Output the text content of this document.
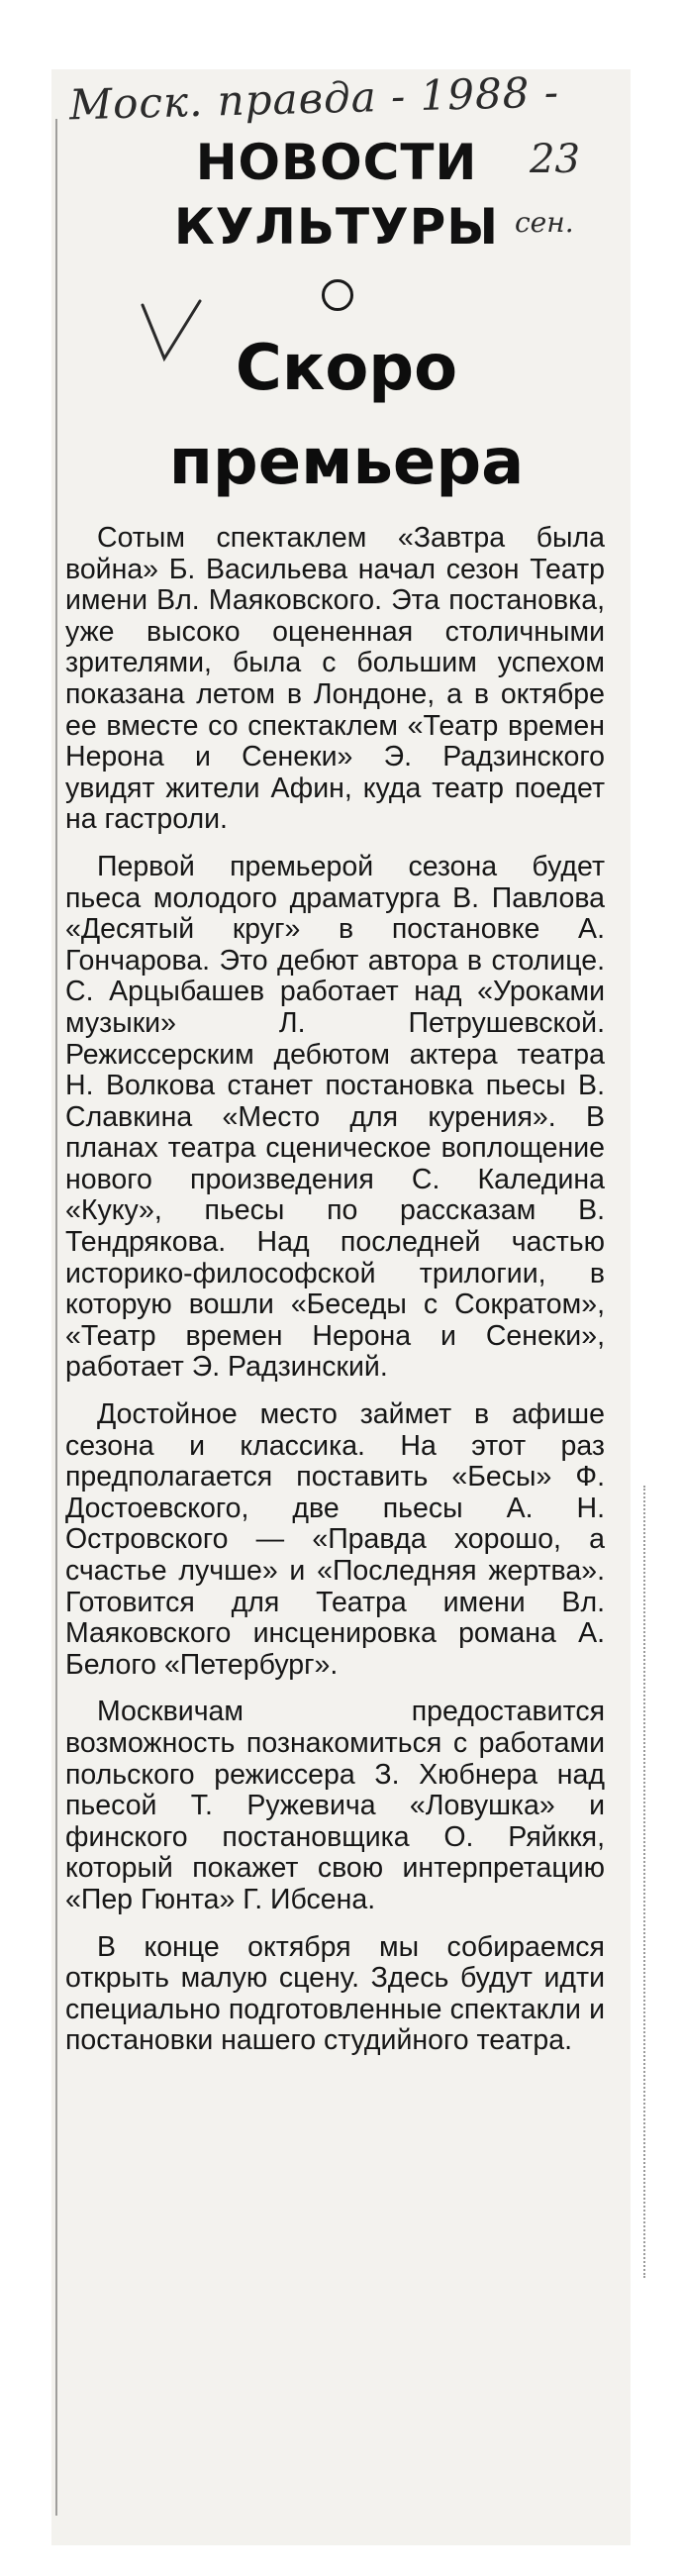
Моск. правда - 1988 -
НОВОСТИ
КУЛЬТУРЫ
23
сен.
Скоро
премьера

Сотым спектаклем «Завтра была война» Б. Васильева начал сезон Театр имени Вл. Маяковского. Эта постановка, уже высоко оцененная столичными зрителями, была с большим успехом показана летом в Лондоне, а в октябре ее вместе со спектаклем «Театр времен Нерона и Сенеки» Э. Радзинского увидят жители Афин, куда театр поедет на гастроли.

Первой премьерой сезона будет пьеса молодого драматурга В. Павлова «Десятый круг» в постановке А. Гончарова. Это дебют автора в столице. С. Арцыбашев работает над «Уроками музыки» Л. Петрушевской. Режиссерским дебютом актера театра Н. Волкова станет постановка пьесы В. Славкина «Место для курения». В планах театра сценическое воплощение нового произведения С. Каледина «Куку», пьесы по рассказам В. Тендрякова. Над последней частью историко-философской трилогии, в которую вошли «Беседы с Сократом», «Театр времен Нерона и Сенеки», работает Э. Радзинский.

Достойное место займет в афише сезона и классика. На этот раз предполагается поставить «Бесы» Ф. Достоевского, две пьесы А. Н. Островского — «Правда хорошо, а счастье лучше» и «Последняя жертва». Готовится для Театра имени Вл. Маяковского инсценировка романа А. Белого «Петербург».

Москвичам предоставится возможность познакомиться с работами польского режиссера З. Хюбнера над пьесой Т. Ружевича «Ловушка» и финского постановщика О. Ряйккя, который покажет свою интерпретацию «Пер Гюнта» Г. Ибсена.

В конце октября мы собираемся открыть малую сцену. Здесь будут идти специально подготовленные спектакли и постановки нашего студийного театра.
